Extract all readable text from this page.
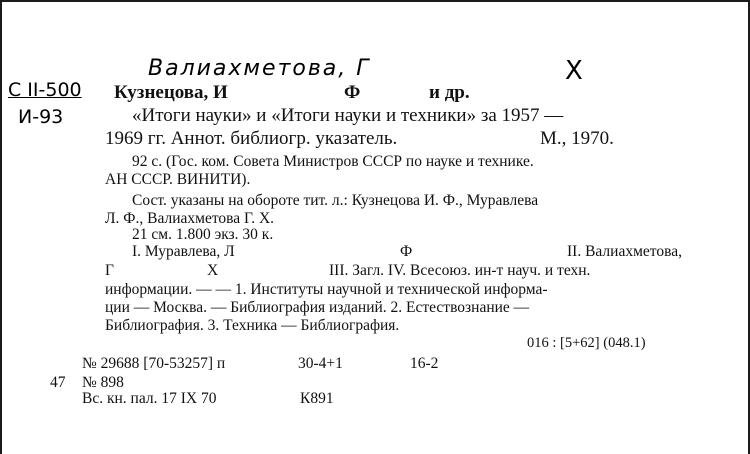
Валиахметова, Г	Х
С II-500
И-93
Кузнецова, И	Ф	и др.
«Итоги науки» и «Итоги науки и техники» за 1957 —
1969 гг. Аннот. библиогр. указатель.	М., 1970.
92 с. (Гос. ком. Совета Министров СССР по науке и технике.
АН СССР. ВИНИТИ).
Сост. указаны на обороте тит. л.: Кузнецова И. Ф., Муравлева
Л. Ф., Валиахметова Г. Х.
21 см. 1.800 экз. 30 к.
I. Муравлева, Л	Ф	II. Валиахметова,
Г	Х	III. Загл. IV. Всесоюз. ин-т науч. и техн.
информации. — — 1. Институты научной и технической информа-
ции — Москва. — Библиография изданий. 2. Естествознание —
Библиография. 3. Техника — Библиография.
016 : [5+62] (048.1)
№ 29688 [70-53257] п	30-4+1	16-2
47 № 898
Вс. кн. пал. 17 IX 70	К891
